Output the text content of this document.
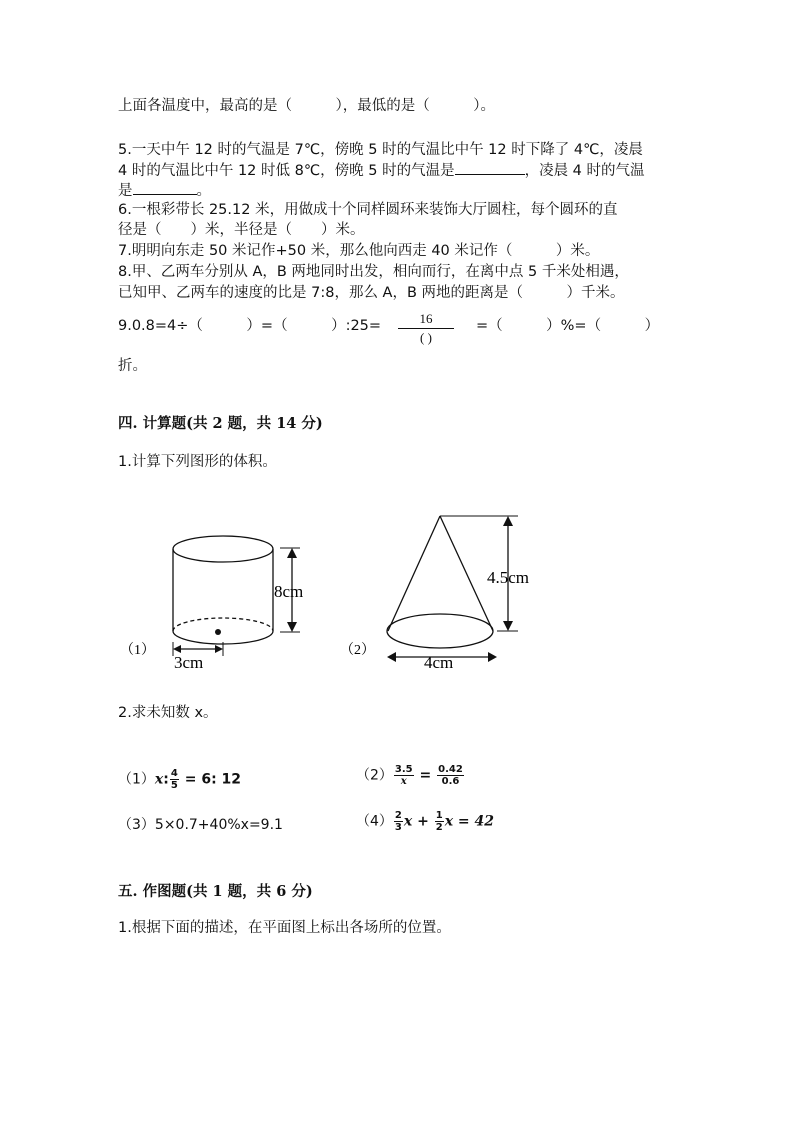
上面各温度中，最高的是（　　　），最低的是（　　　）。
5.一天中午 12 时的气温是 7℃，傍晚 5 时的气温比中午 12 时下降了 4℃，凌晨
4 时的气温比中午 12 时低 8℃，傍晚 5 时的气温是	，凌晨 4 时的气温
是	。
6.一根彩带长 25.12 米，用做成十个同样圆环来装饰大厅圆柱，每个圆环的直
径是（　　）米，半径是（　　）米。
7.明明向东走 50 米记作+50 米，那么他向西走 40 米记作（　　　）米。
8.甲、乙两车分别从 A，B 两地同时出发，相向而行，在离中点 5 千米处相遇，
已知甲、乙两车的速度的比是 7:8，那么 A，B 两地的距离是（　　　）千米。
9.0.8=4÷（　　　）=（　　　）:25=	16
( )
=（　　　）%=（　　　）
折。
四. 计算题(共 2 题，共 14 分)
1.计算下列图形的体积。
8cm
3cm
（1）
4.5cm
4cm
（2）
2.求未知数 x。
（1）x: $\frac{4}{5} = 6$: 12	$(2) \frac{3.5}{x} = \frac{0.42}{0.6}$
（3）5×0.7+40%x=9.1	$(4) \frac{2}{3}$ $x + \frac{1}{2}$ x = 42
五. 作图题(共 1 题，共 6 分)
1.根据下面的描述，在平面图上标出各场所的位置。
